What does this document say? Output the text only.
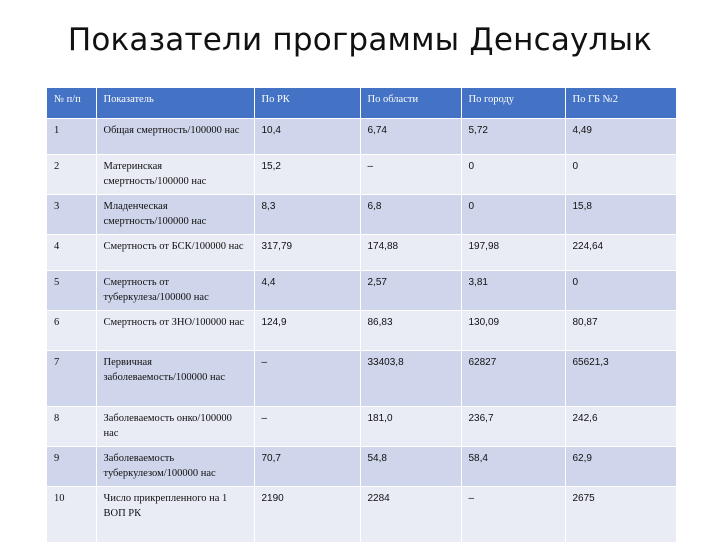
Показатели программы Денсаулык
№ п/п	Показатель	По РК	По области	По городу	По ГБ №2
1	Общая смертность/100000 нас	10,4	6,74	5,72	4,49
2	Материнская смертность/100000 нас	15,2	–	0	0
3	Младенческая смертность/100000 нас	8,3	6,8	0	15,8
4	Смертность от БСК/100000 нас	317,79	174,88	197,98	224,64
5	Смертность от туберкулеза/100000 нас	4,4	2,57	3,81	0
6	Смертность от ЗНО/100000 нас	124,9	86,83	130,09	80,87
7	Первичная заболеваемость/100000 нас	–	33403,8	62827	65621,3
8	Заболеваемость онко/100000 нас	–	181,0	236,7	242,6
9	Заболеваемость туберкулезом/100000 нас	70,7	54,8	58,4	62,9
10	Число прикрепленного на 1 ВОП РК	2190	2284	–	2675
